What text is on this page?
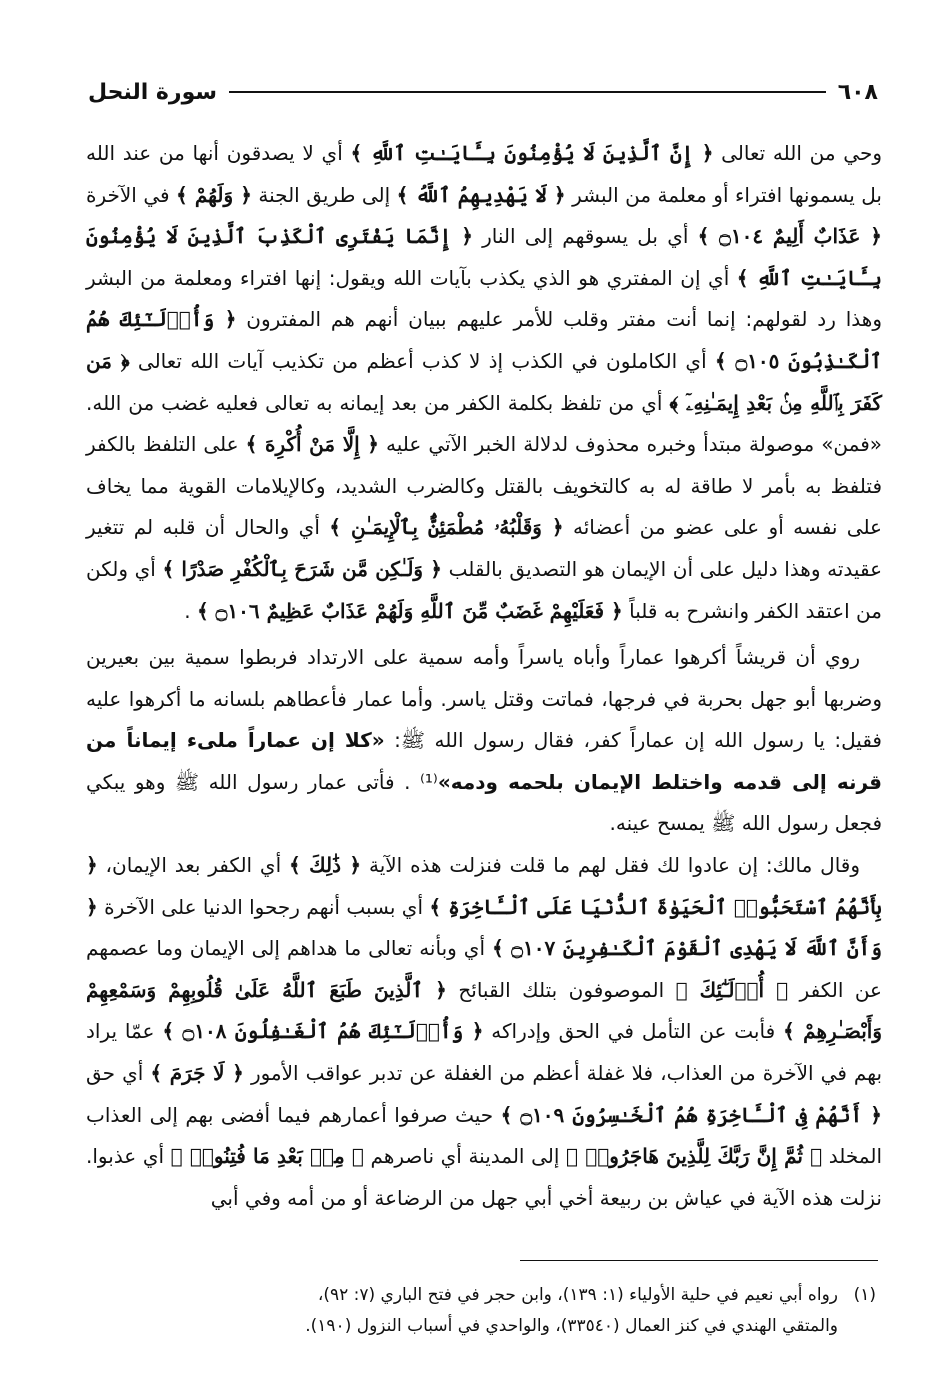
٦٠٨
سورة النحل

وحي من الله تعالى ﴿ إِنَّ ٱلَّذِينَ لَا يُؤْمِنُونَ بِـَٔايَـٰتِ ٱللَّهِ ﴾ أي لا يصدقون أنها من عند الله بل يسمونها افتراء أو معلمة من البشر ﴿ لَا يَهْدِيهِمُ ٱللَّهُ ﴾ إلى طريق الجنة ﴿ وَلَهُمْ ﴾ في الآخرة ﴿ عَذَابٌ أَلِيمٌ ۝١٠٤ ﴾ أي بل يسوقهم إلى النار ﴿ إِنَّمَا يَفْتَرِى ٱلْكَذِبَ ٱلَّذِينَ لَا يُؤْمِنُونَ بِـَٔايَـٰتِ ٱللَّهِ ﴾ أي إن المفتري هو الذي يكذب بآيات الله ويقول: إنها افتراء ومعلمة من البشر وهذا رد لقولهم: إنما أنت مفتر وقلب للأمر عليهم ببيان أنهم هم المفترون ﴿ وَأُو۟لَـٰٓئِكَ هُمُ ٱلْكَـٰذِبُونَ ۝١٠٥ ﴾ أي الكاملون في الكذب إذ لا كذب أعظم من تكذيب آيات الله تعالى ﴿ مَن كَفَرَ بِٱللَّهِ مِنۢ بَعْدِ إِيمَـٰنِهِۦٓ ﴾ أي من تلفظ بكلمة الكفر من بعد إيمانه به تعالى فعليه غضب من الله. «فمن» موصولة مبتدأ وخبره محذوف لدلالة الخبر الآتي عليه ﴿ إِلَّا مَنْ أُكْرِهَ ﴾ على التلفظ بالكفر فتلفظ به بأمر لا طاقة له به كالتخويف بالقتل وكالضرب الشديد، وكالإيلامات القوية مما يخاف على نفسه أو على عضو من أعضائه ﴿ وَقَلْبُهُۥ مُطْمَئِنٌّۢ بِٱلْإِيمَـٰنِ ﴾ أي والحال أن قلبه لم تتغير عقيدته وهذا دليل على أن الإيمان هو التصديق بالقلب ﴿ وَلَـٰكِن مَّن شَرَحَ بِٱلْكُفْرِ صَدْرًا ﴾ أي ولكن من اعتقد الكفر وانشرح به قلباً ﴿ فَعَلَيْهِمْ غَضَبٌ مِّنَ ٱللَّهِ وَلَهُمْ عَذَابٌ عَظِيمٌ ۝١٠٦ ﴾ .

روي أن قريشاً أكرهوا عماراً وأباه ياسراً وأمه سمية على الارتداد فربطوا سمية بين بعيرين وضربها أبو جهل بحربة في فرجها، فماتت وقتل ياسر. وأما عمار فأعطاهم بلسانه ما أكرهوا عليه فقيل: يا رسول الله إن عماراً كفر، فقال رسول الله ﷺ: «كلا إن عماراً ملىء إيماناً من قرنه إلى قدمه واختلط الإيمان بلحمه ودمه»⁽¹⁾ . فأتى عمار رسول الله ﷺ وهو يبكي فجعل رسول الله ﷺ يمسح عينه.

وقال مالك: إن عادوا لك فقل لهم ما قلت فنزلت هذه الآية ﴿ ذَٰلِكَ ﴾ أي الكفر بعد الإيمان، ﴿ بِأَنَّهُمُ ٱسْتَحَبُّوا۟ ٱلْحَيَوٰةَ ٱلدُّنْيَا عَلَى ٱلْـَٔاخِرَةِ ﴾ أي بسبب أنهم رجحوا الدنيا على الآخرة ﴿ وَأَنَّ ٱللَّهَ لَا يَهْدِى ٱلْقَوْمَ ٱلْكَـٰفِرِينَ ۝١٠٧ ﴾ أي وبأنه تعالى ما هداهم إلى الإيمان وما عصمهم عن الكفر ﴿ أُو۟لَـٰٓئِكَ ﴾ الموصوفون بتلك القبائح ﴿ ٱلَّذِينَ طَبَعَ ٱللَّهُ عَلَىٰ قُلُوبِهِمْ وَسَمْعِهِمْ وَأَبْصَـٰرِهِمْ ﴾ فأبت عن التأمل في الحق وإدراكه ﴿ وَأُو۟لَـٰٓئِكَ هُمُ ٱلْغَـٰفِلُونَ ۝١٠٨ ﴾ عمّا يراد بهم في الآخرة من العذاب، فلا غفلة أعظم من الغفلة عن تدبر عواقب الأمور ﴿ لَا جَرَمَ ﴾ أي حق ﴿ أَنَّهُمْ فِى ٱلْـَٔاخِرَةِ هُمُ ٱلْخَـٰسِرُونَ ۝١٠٩ ﴾ حيث صرفوا أعمارهم فيما أفضى بهم إلى العذاب المخلد ﴿ ثُمَّ إِنَّ رَبَّكَ لِلَّذِينَ هَاجَرُوا۟ ﴾ إلى المدينة أي ناصرهم ﴿ مِنۢ بَعْدِ مَا فُتِنُوا۟ ﴾ أي عذبوا. نزلت هذه الآية في عياش بن ربيعة أخي أبي جهل من الرضاعة أو من أمه وفي أبي

(١)رواه أبي نعيم في حلية الأولياء (١: ١٣٩)، وابن حجر في فتح الباري (٧: ٩٢)،

والمتقي الهندي في كنز العمال (٣٣٥٤٠)، والواحدي في أسباب النزول (١٩٠).
